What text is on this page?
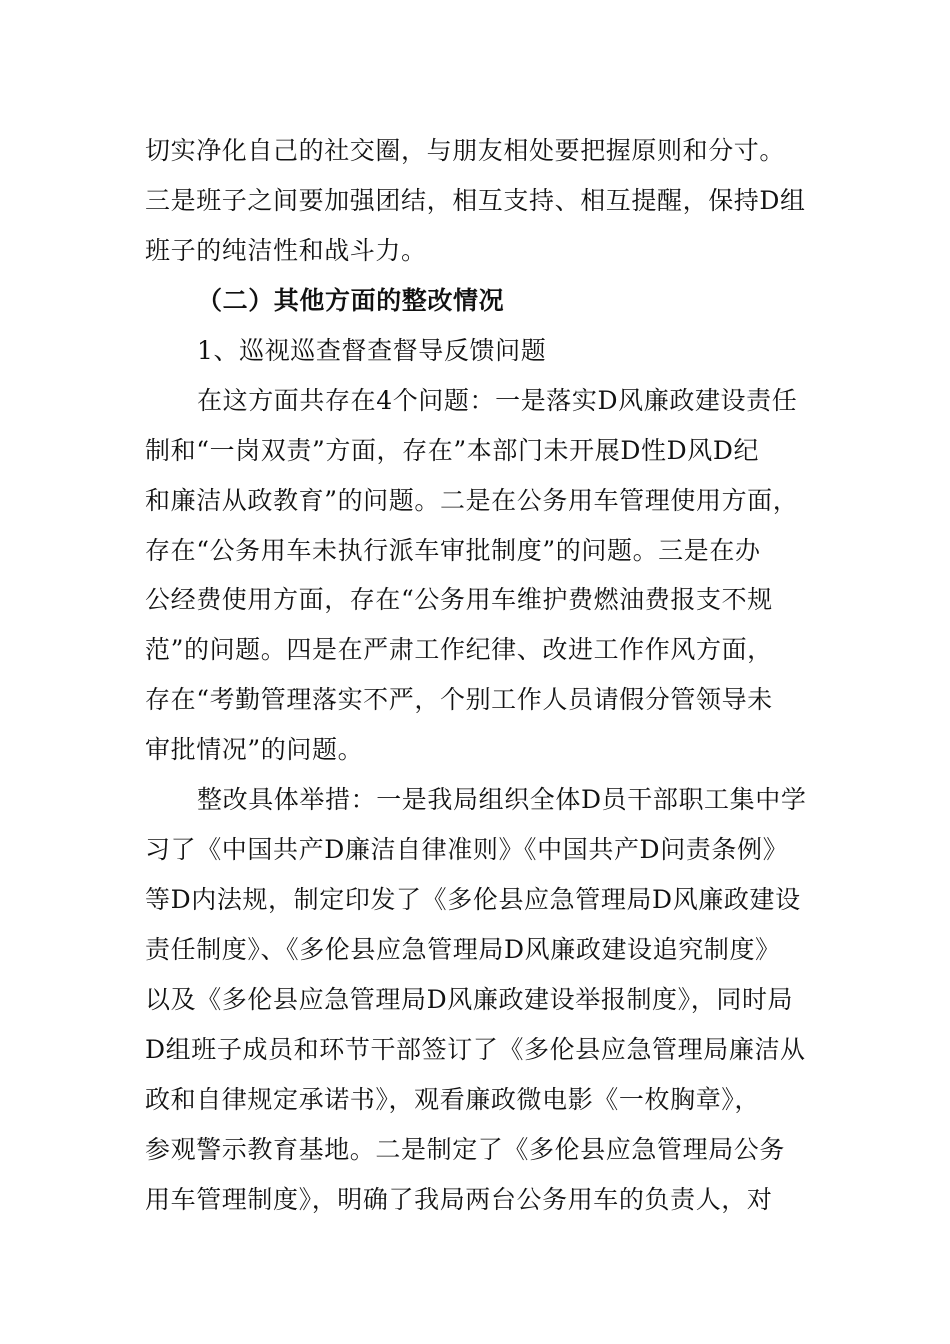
切实净化自己的社交圈，与朋友相处要把握原则和分寸。
三是班子之间要加强团结，相互支持、相互提醒，保持D组
班子的纯洁性和战斗力。
（二）其他方面的整改情况
1、巡视巡查督查督导反馈问题
在这方面共存在4个问题：一是落实D风廉政建设责任
制和“一岗双责”方面，存在”本部门未开展D性D风D纪
和廉洁从政教育”的问题。二是在公务用车管理使用方面，
存在“公务用车未执行派车审批制度”的问题。三是在办
公经费使用方面，存在“公务用车维护费燃油费报支不规
范”的问题。四是在严肃工作纪律、改进工作作风方面，
存在“考勤管理落实不严，个别工作人员请假分管领导未
审批情况”的问题。
整改具体举措：一是我局组织全体D员干部职工集中学
习了《中国共产D廉洁自律准则》《中国共产D问责条例》
等D内法规，制定印发了《多伦县应急管理局D风廉政建设
责任制度》、《多伦县应急管理局D风廉政建设追究制度》
以及《多伦县应急管理局D风廉政建设举报制度》，同时局
D组班子成员和环节干部签订了《多伦县应急管理局廉洁从
政和自律规定承诺书》，观看廉政微电影《一枚胸章》，
参观警示教育基地。二是制定了《多伦县应急管理局公务
用车管理制度》，明确了我局两台公务用车的负责人，对
